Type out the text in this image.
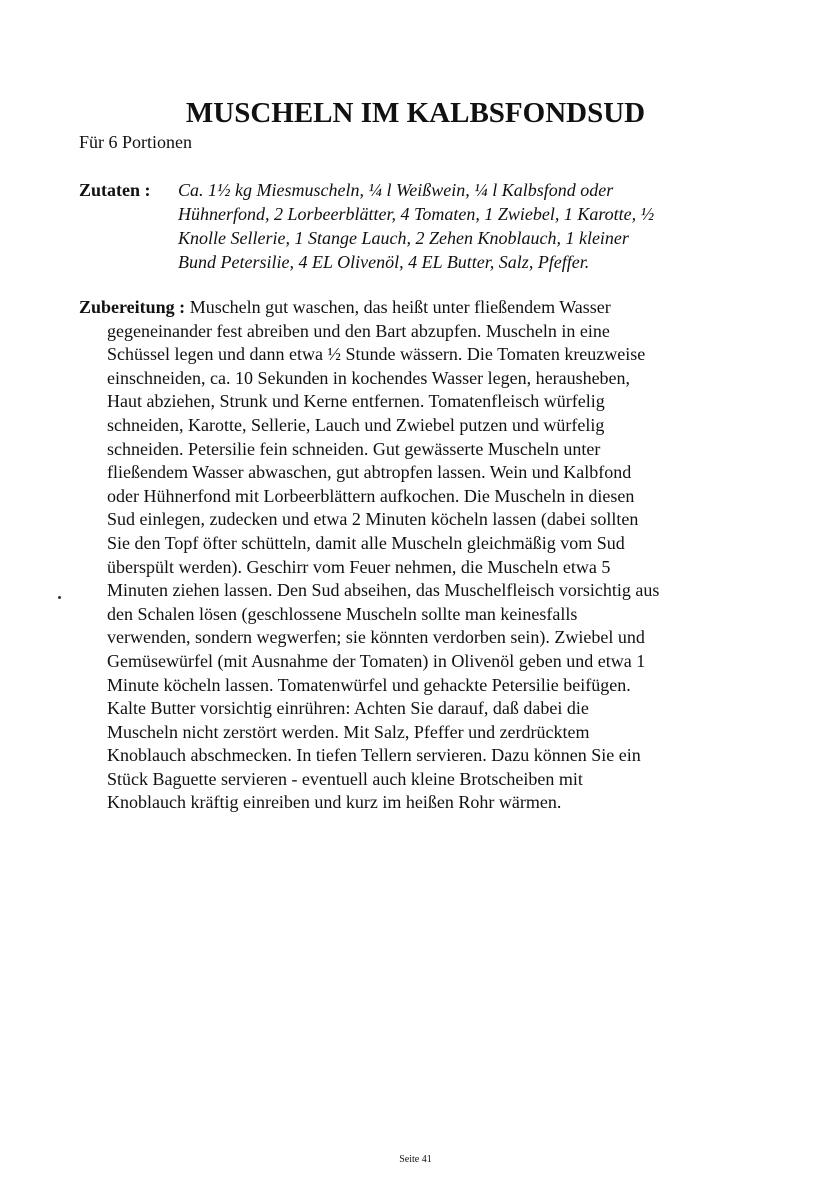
MUSCHELN IM KALBSFONDSUD

Für 6 Portionen

Zutaten : Ca. 1½ kg Miesmuscheln, ¼ l Weißwein, ¼ l Kalbsfond oder
Hühnerfond, 2 Lorbeerblätter, 4 Tomaten, 1 Zwiebel, 1 Karotte, ½
Knolle Sellerie, 1 Stange Lauch, 2 Zehen Knoblauch, 1 kleiner
Bund Petersilie, 4 EL Olivenöl, 4 EL Butter, Salz, Pfeffer.
Zubereitung : Muscheln gut waschen, das heißt unter fließendem Wasser
gegeneinander fest abreiben und den Bart abzupfen. Muscheln in eine
Schüssel legen und dann etwa ½ Stunde wässern. Die Tomaten kreuzweise
einschneiden, ca. 10 Sekunden in kochendes Wasser legen, herausheben,
Haut abziehen, Strunk und Kerne entfernen. Tomatenfleisch würfelig
schneiden, Karotte, Sellerie, Lauch und Zwiebel putzen und würfelig
schneiden. Petersilie fein schneiden. Gut gewässerte Muscheln unter
fließendem Wasser abwaschen, gut abtropfen lassen. Wein und Kalbfond
oder Hühnerfond mit Lorbeerblättern aufkochen. Die Muscheln in diesen
Sud einlegen, zudecken und etwa 2 Minuten köcheln lassen (dabei sollten
Sie den Topf öfter schütteln, damit alle Muscheln gleichmäßig vom Sud
überspült werden). Geschirr vom Feuer nehmen, die Muscheln etwa 5
Minuten ziehen lassen. Den Sud abseihen, das Muschelfleisch vorsichtig aus
den Schalen lösen (geschlossene Muscheln sollte man keinesfalls
verwenden, sondern wegwerfen; sie könnten verdorben sein). Zwiebel und
Gemüsewürfel (mit Ausnahme der Tomaten) in Olivenöl geben und etwa 1
Minute köcheln lassen. Tomatenwürfel und gehackte Petersilie beifügen.
Kalte Butter vorsichtig einrühren: Achten Sie darauf, daß dabei die
Muscheln nicht zerstört werden. Mit Salz, Pfeffer und zerdrücktem
Knoblauch abschmecken. In tiefen Tellern servieren. Dazu können Sie ein
Stück Baguette servieren - eventuell auch kleine Brotscheiben mit
Knoblauch kräftig einreiben und kurz im heißen Rohr wärmen.
Seite 41
